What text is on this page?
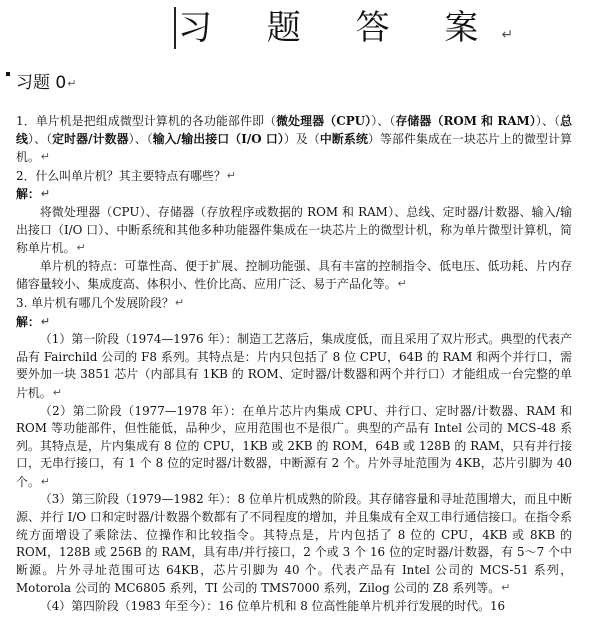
习 题 答 案↵
习题 0↵

1．单片机是把组成微型计算机的各功能部件即（微处理器（CPU））、（存储器（ROM 和 RAM））、（总线）、（定时器/计数器）、（输入/输出接口（I/O 口））及（中断系统）等部件集成在一块芯片上的微型计算机。↵

2．什么叫单片机？其主要特点有哪些？↵

解：↵

将微处理器（CPU）、存储器（存放程序或数据的 ROM 和 RAM）、总线、定时器/计数器、输入/输出接口（I/O 口）、中断系统和其他多种功能器件集成在一块芯片上的微型计机，称为单片微型计算机，简称单片机。↵

单片机的特点：可靠性高、便于扩展、控制功能强、具有丰富的控制指令、低电压、低功耗、片内存储容量较小、集成度高、体积小、性价比高、应用广泛、易于产品化等。↵

3. 单片机有哪几个发展阶段？↵

解：↵

（1）第一阶段（1974—1976 年）：制造工艺落后，集成度低，而且采用了双片形式。典型的代表产品有 Fairchild 公司的 F8 系列。其特点是：片内只包括了 8 位 CPU，64B 的 RAM 和两个并行口，需要外加一块 3851 芯片（内部具有 1KB 的 ROM、定时器/计数器和两个并行口）才能组成一台完整的单片机。↵

（2）第二阶段（1977—1978 年）：在单片芯片内集成 CPU、并行口、定时器/计数器、RAM 和 ROM 等功能部件，但性能低，品种少，应用范围也不是很广。典型的产品有 Intel 公司的 MCS-48 系列。其特点是，片内集成有 8 位的 CPU，1KB 或 2KB 的 ROM，64B 或 128B 的 RAM，只有并行接口，无串行接口，有 1 个 8 位的定时器/计数器，中断源有 2 个。片外寻址范围为 4KB，芯片引脚为 40 个。↵

（3）第三阶段（1979—1982 年）：8 位单片机成熟的阶段。其存储容量和寻址范围增大，而且中断源、并行 I/O 口和定时器/计数器个数都有了不同程度的增加，并且集成有全双工串行通信接口。在指令系统方面增设了乘除法、位操作和比较指令。其特点是，片内包括了 8 位的 CPU，4KB 或 8KB 的 ROM，128B 或 256B 的 RAM，具有串/并行接口，2 个或 3 个 16 位的定时器/计数器，有 5～7 个中断源。片外寻址范围可达 64KB，芯片引脚为 40 个。代表产品有 Intel 公司的 MCS-51 系列，Motorola 公司的 MC6805 系列，TI 公司的 TMS7000 系列，Zilog 公司的 Z8 系列等。↵

（4）第四阶段（1983 年至今）：16 位单片机和 8 位高性能单片机并行发展的时代。16
